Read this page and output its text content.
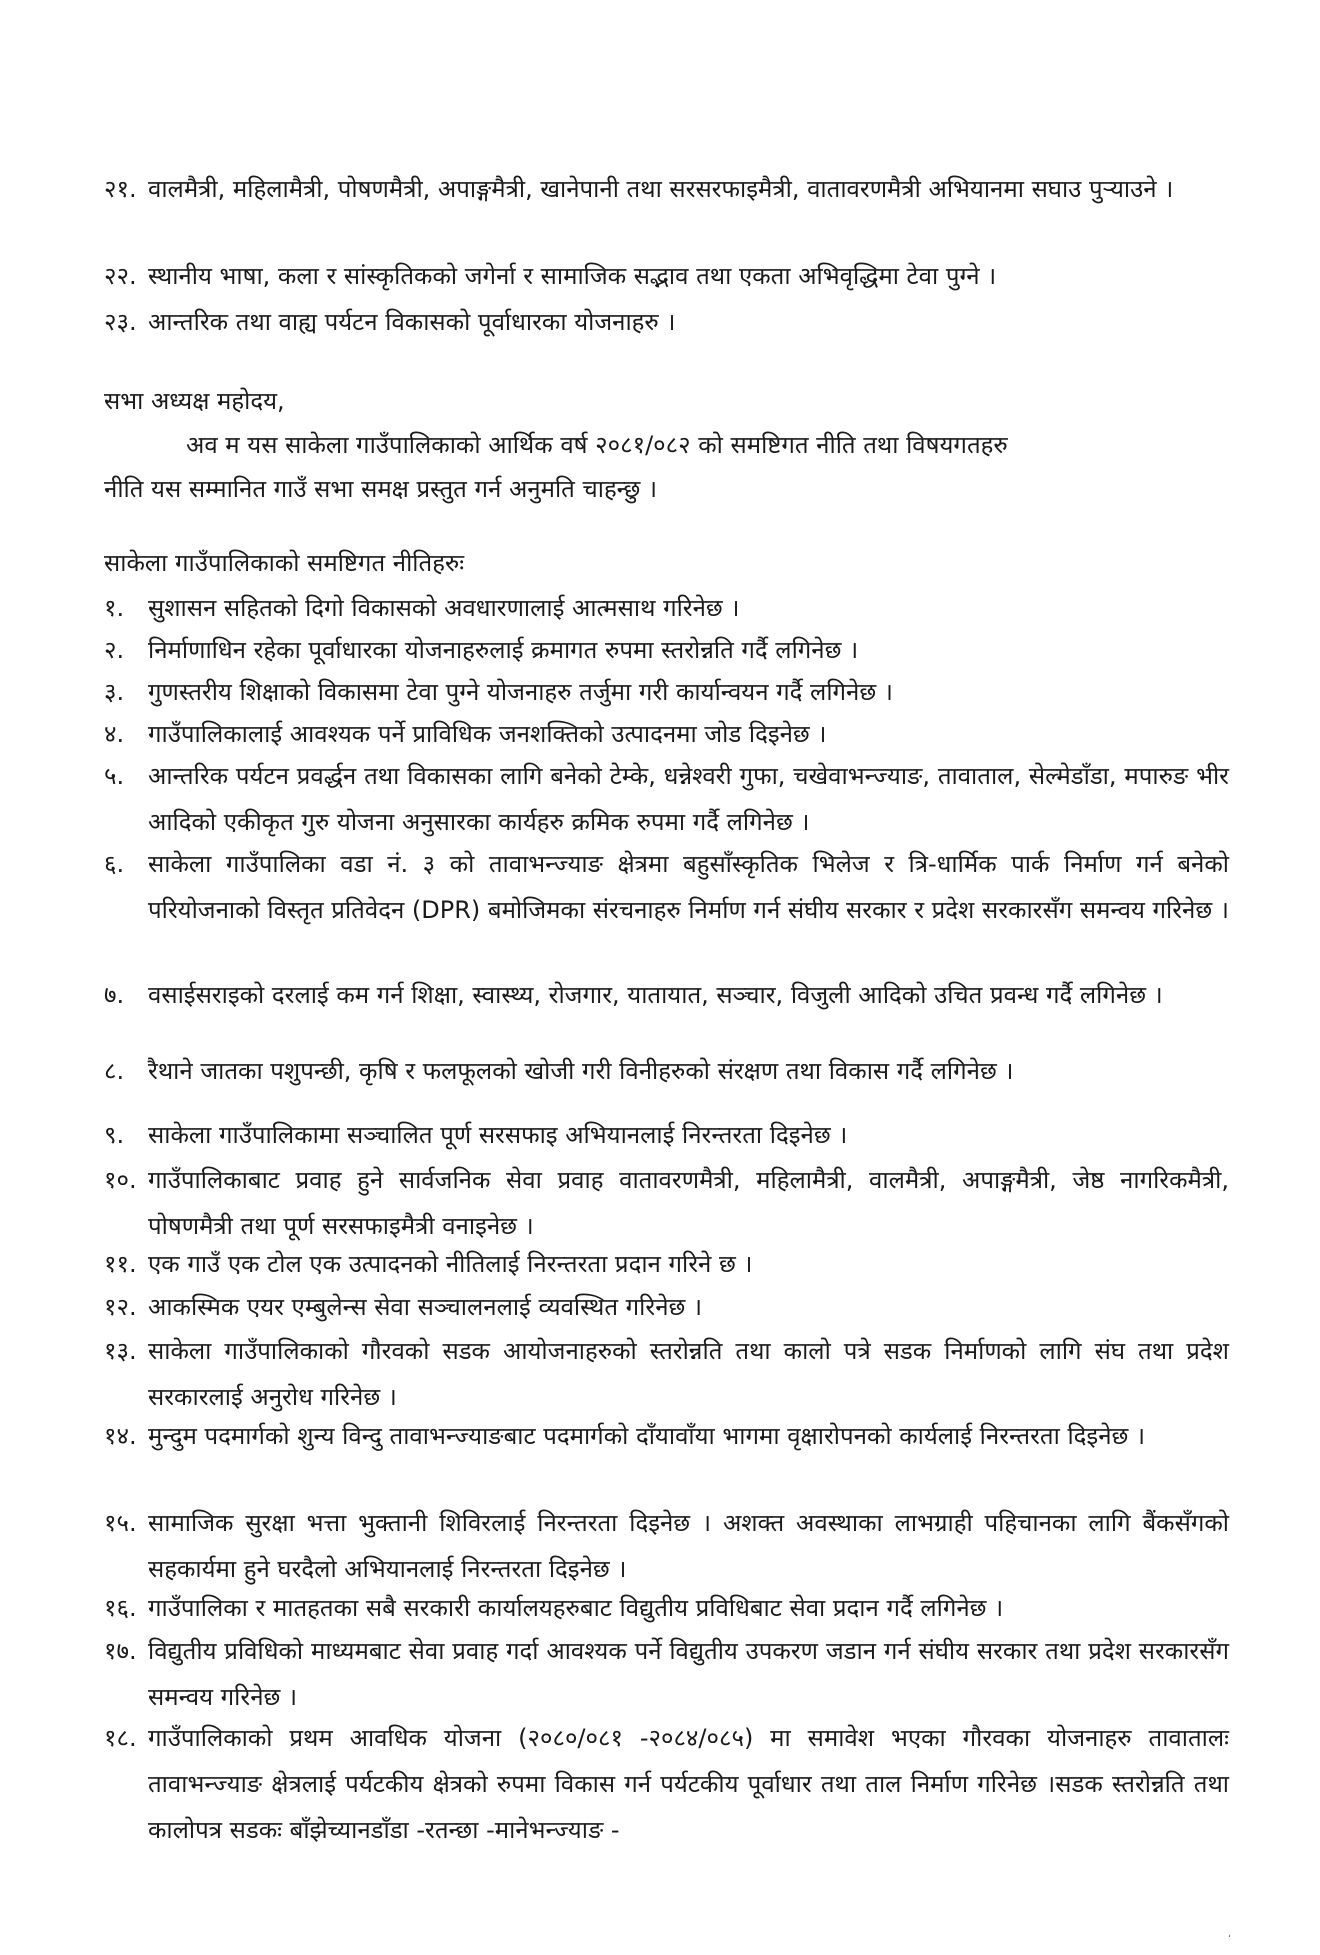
२१. वालमैत्री, महिलामैत्री, पोषणमैत्री, अपाङ्गमैत्री, खानेपानी तथा सरसरफाइमैत्री, वातावरणमैत्री अभियानमा सघाउ पुर्‍याउने ।
२२. स्थानीय भाषा, कला र सांस्कृतिकको जगेर्ना र सामाजिक सद्भाव तथा एकता अभिवृद्धिमा टेवा पुग्ने ।
२३. आन्तरिक तथा वाह्य पर्यटन विकासको पूर्वाधारका योजनाहरु ।
सभा अध्यक्ष महोदय,
अव म यस साकेला गाउँपालिकाको आर्थिक वर्ष २०८१/०८२ को समष्टिगत नीति तथा विषयगतहरु
नीति यस सम्मानित गाउँ सभा समक्ष प्रस्तुत गर्न अनुमति चाहन्छु ।
साकेला गाउँपालिकाको समष्टिगत नीतिहरुः
१. सुशासन सहितको दिगो विकासको अवधारणालाई आत्मसाथ गरिनेछ ।
२. निर्माणाधिन रहेका पूर्वाधारका योजनाहरुलाई क्रमागत रुपमा स्तरोन्नति गर्दै लगिनेछ ।
३. गुणस्तरीय शिक्षाको विकासमा टेवा पुग्ने योजनाहरु तर्जुमा गरी कार्यान्वयन गर्दै लगिनेछ ।
४. गाउँपालिकालाई आवश्यक पर्ने प्राविधिक जनशक्तिको उत्पादनमा जोड दिइनेछ ।
५. आन्तरिक पर्यटन प्रवर्द्धन तथा विकासका लागि बनेको टेम्के, धन्नेश्वरी गुफा, चखेवाभन्ज्याङ, तावाताल, सेल्मेडाँडा, मपारुङ भीर आदिको एकीकृत गुरु योजना अनुसारका कार्यहरु क्रमिक रुपमा गर्दै लगिनेछ ।
६. साकेला गाउँपालिका वडा नं. ३ को तावाभन्ज्याङ क्षेत्रमा बहुसाँस्कृतिक भिलेज र त्रि-धार्मिक पार्क निर्माण गर्न बनेको परियोजनाको विस्तृत प्रतिवेदन (DPR) बमोजिमका संरचनाहरु निर्माण गर्न संघीय सरकार र प्रदेश सरकारसँग समन्वय गरिनेछ ।
७. वसाईसराइको दरलाई कम गर्न शिक्षा, स्वास्थ्य, रोजगार, यातायात, सञ्चार, विजुली आदिको उचित प्रवन्ध गर्दै लगिनेछ ।
८. रैथाने जातका पशुपन्छी, कृषि र फलफूलको खोजी गरी विनीहरुको संरक्षण तथा विकास गर्दै लगिनेछ ।
९. साकेला गाउँपालिकामा सञ्चालित पूर्ण सरसफाइ अभियानलाई निरन्तरता दिइनेछ ।
१०. गाउँपालिकाबाट प्रवाह हुने सार्वजनिक सेवा प्रवाह वातावरणमैत्री, महिलामैत्री, वालमैत्री, अपाङ्गमैत्री, जेष्ठ नागरिकमैत्री, पोषणमैत्री तथा पूर्ण सरसफाइमैत्री वनाइनेछ ।
११. एक गाउँ एक टोल एक उत्पादनको नीतिलाई निरन्तरता प्रदान गरिने छ ।
१२. आकस्मिक एयर एम्बुलेन्स सेवा सञ्चालनलाई व्यवस्थित गरिनेछ ।
१३. साकेला गाउँपालिकाको गौरवको सडक आयोजनाहरुको स्तरोन्नति तथा कालो पत्रे सडक निर्माणको लागि संघ तथा प्रदेश सरकारलाई अनुरोध गरिनेछ ।
१४. मुन्दुम पदमार्गको शुन्य विन्दु तावाभन्ज्याङबाट पदमार्गको दाँयावाँया भागमा वृक्षारोपनको कार्यलाई निरन्तरता दिइनेछ ।
१५. सामाजिक सुरक्षा भत्ता भुक्तानी शिविरलाई निरन्तरता दिइनेछ । अशक्त अवस्थाका लाभग्राही पहिचानका लागि बैंकसँगको सहकार्यमा हुने घरदैलो अभियानलाई निरन्तरता दिइनेछ ।
१६. गाउँपालिका र मातहतका सबै सरकारी कार्यालयहरुबाट विद्युतीय प्रविधिबाट सेवा प्रदान गर्दै लगिनेछ ।
१७. विद्युतीय प्रविधिको माध्यमबाट सेवा प्रवाह गर्दा आवश्यक पर्ने विद्युतीय उपकरण जडान गर्न संघीय सरकार तथा प्रदेश सरकारसँग समन्वय गरिनेछ ।
१८. गाउँपालिकाको प्रथम आवधिक योजना (२०८०/०८१ -२०८४/०८५) मा समावेश भएका गौरवका योजनाहरु तावातालः तावाभन्ज्याङ क्षेत्रलाई पर्यटकीय क्षेत्रको रुपमा विकास गर्न पर्यटकीय पूर्वाधार तथा ताल निर्माण गरिनेछ ।सडक स्तरोन्नति तथा कालोपत्र सडकः बाँझेच्यानडाँडा -रतन्छा -मानेभन्ज्याङ -
ʻ
